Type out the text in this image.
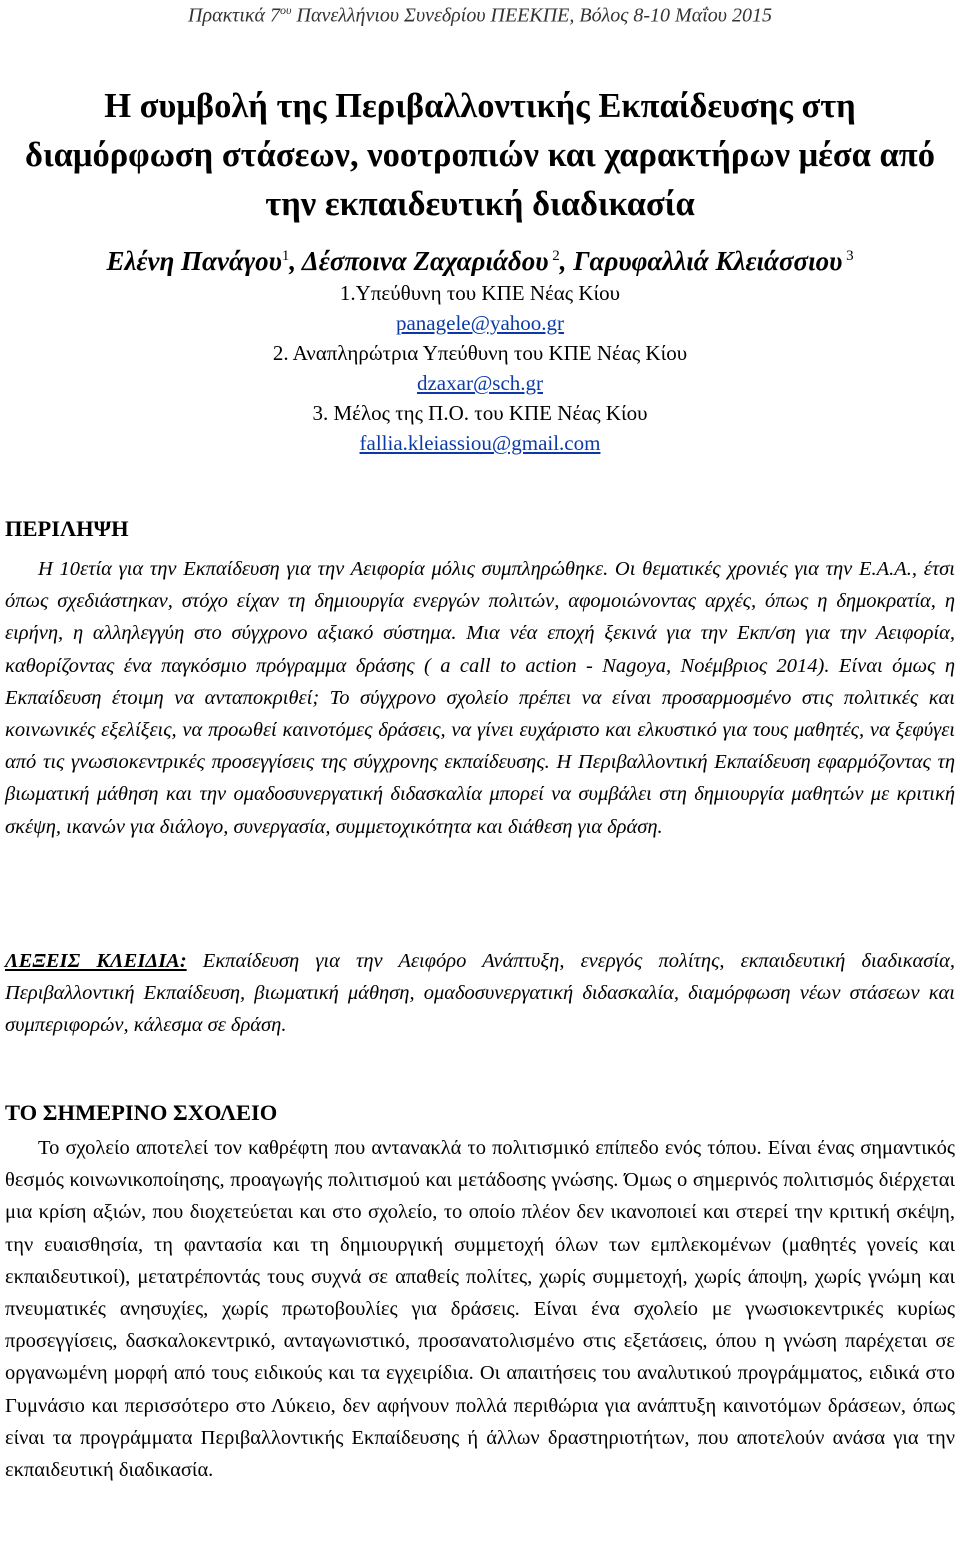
Πρακτικά $7^{o\upsilon}$ Πανελλήνιου Συνεδρίου ΠΕΕΚΠΕ, Βόλος 8-10 Μαΐου 2015
Η συμβολή της Περιβαλλοντικής Εκπαίδευσης στη
διαμόρφωση στάσεων, νοοτροπιών και χαρακτήρων μέσα από
την εκπαιδευτική διαδικασία
Ελένη Πανάγου$^1$, Δέσποινα Ζαχαριάδου $^2$, Γαρυφαλλιά Κλειάσσιου $^3$
1.Υπεύθυνη του ΚΠΕ Νέας Κίου
panagele@yahoo.gr
2. Αναπληρώτρια Υπεύθυνη του ΚΠΕ Νέας Κίου
dzaxar@sch.gr
3. Μέλος της Π.Ο. του ΚΠΕ Νέας Κίου
fallia.kleiassiou@gmail.com
ΠΕΡΙΛΗΨΗ
Η 10ετία για την Εκπαίδευση για την Αειφορία μόλις συμπληρώθηκε. Οι θεματικές χρονιές για την Ε.Α.Α., έτσι όπως σχεδιάστηκαν, στόχο είχαν τη δημιουργία ενεργών πολιτών, αφομοιώνοντας αρχές, όπως η δημοκρατία, η ειρήνη, η αλληλεγγύη στο σύγχρονο αξιακό σύστημα. Μια νέα εποχή ξεκινά για την Εκπ/ση για την Αειφορία, καθορίζοντας ένα παγκόσμιο πρόγραμμα δράσης ( a call to action - Nagoya, Νοέμβριος 2014). Είναι όμως η Εκπαίδευση έτοιμη να ανταποκριθεί; Το σύγχρονο σχολείο πρέπει να είναι προσαρμοσμένο στις πολιτικές και κοινωνικές εξελίξεις, να προωθεί καινοτόμες δράσεις, να γίνει ευχάριστο και ελκυστικό για τους μαθητές, να ξεφύγει από τις γνωσιοκεντρικές προσεγγίσεις της σύγχρονης εκπαίδευσης. Η Περιβαλλοντική Εκπαίδευση εφαρμόζοντας τη βιωματική μάθηση και την ομαδοσυνεργατική διδασκαλία μπορεί να συμβάλει στη δημιουργία μαθητών με κριτική σκέψη, ικανών για διάλογο, συνεργασία, συμμετοχικότητα και διάθεση για δράση.
ΛΕΞΕΙΣ ΚΛΕΙΔΙΑ: Εκπαίδευση για την Αειφόρο Ανάπτυξη, ενεργός πολίτης, εκπαιδευτική διαδικασία, Περιβαλλοντική Εκπαίδευση, βιωματική μάθηση, ομαδοσυνεργατική διδασκαλία, διαμόρφωση νέων στάσεων και συμπεριφορών, κάλεσμα σε δράση.
ΤΟ ΣΗΜΕΡΙΝΟ ΣΧΟΛΕΙΟ
Το σχολείο αποτελεί τον καθρέφτη που αντανακλά το πολιτισμικό επίπεδο ενός τόπου. Είναι ένας σημαντικός θεσμός κοινωνικοποίησης, προαγωγής πολιτισμού και μετάδοσης γνώσης. Όμως ο σημερινός πολιτισμός διέρχεται μια κρίση αξιών, που διοχετεύεται και στο σχολείο, το οποίο πλέον δεν ικανοποιεί και στερεί την κριτική σκέψη, την ευαισθησία, τη φαντασία και τη δημιουργική συμμετοχή όλων των εμπλεκομένων (μαθητές γονείς και εκπαιδευτικοί), μετατρέποντάς τους συχνά σε απαθείς πολίτες, χωρίς συμμετοχή, χωρίς άποψη, χωρίς γνώμη και πνευματικές ανησυχίες, χωρίς πρωτοβουλίες για δράσεις. Είναι ένα σχολείο με γνωσιοκεντρικές κυρίως προσεγγίσεις, δασκαλοκεντρικό, ανταγωνιστικό, προσανατολισμένο στις εξετάσεις, όπου η γνώση παρέχεται σε οργανωμένη μορφή από τους ειδικούς και τα εγχειρίδια. Οι απαιτήσεις του αναλυτικού προγράμματος, ειδικά στο Γυμνάσιο και περισσότερο στο Λύκειο, δεν αφήνουν πολλά περιθώρια για ανάπτυξη καινοτόμων δράσεων, όπως είναι τα προγράμματα Περιβαλλοντικής Εκπαίδευσης ή άλλων δραστηριοτήτων, που αποτελούν ανάσα για την εκπαιδευτική διαδικασία.
